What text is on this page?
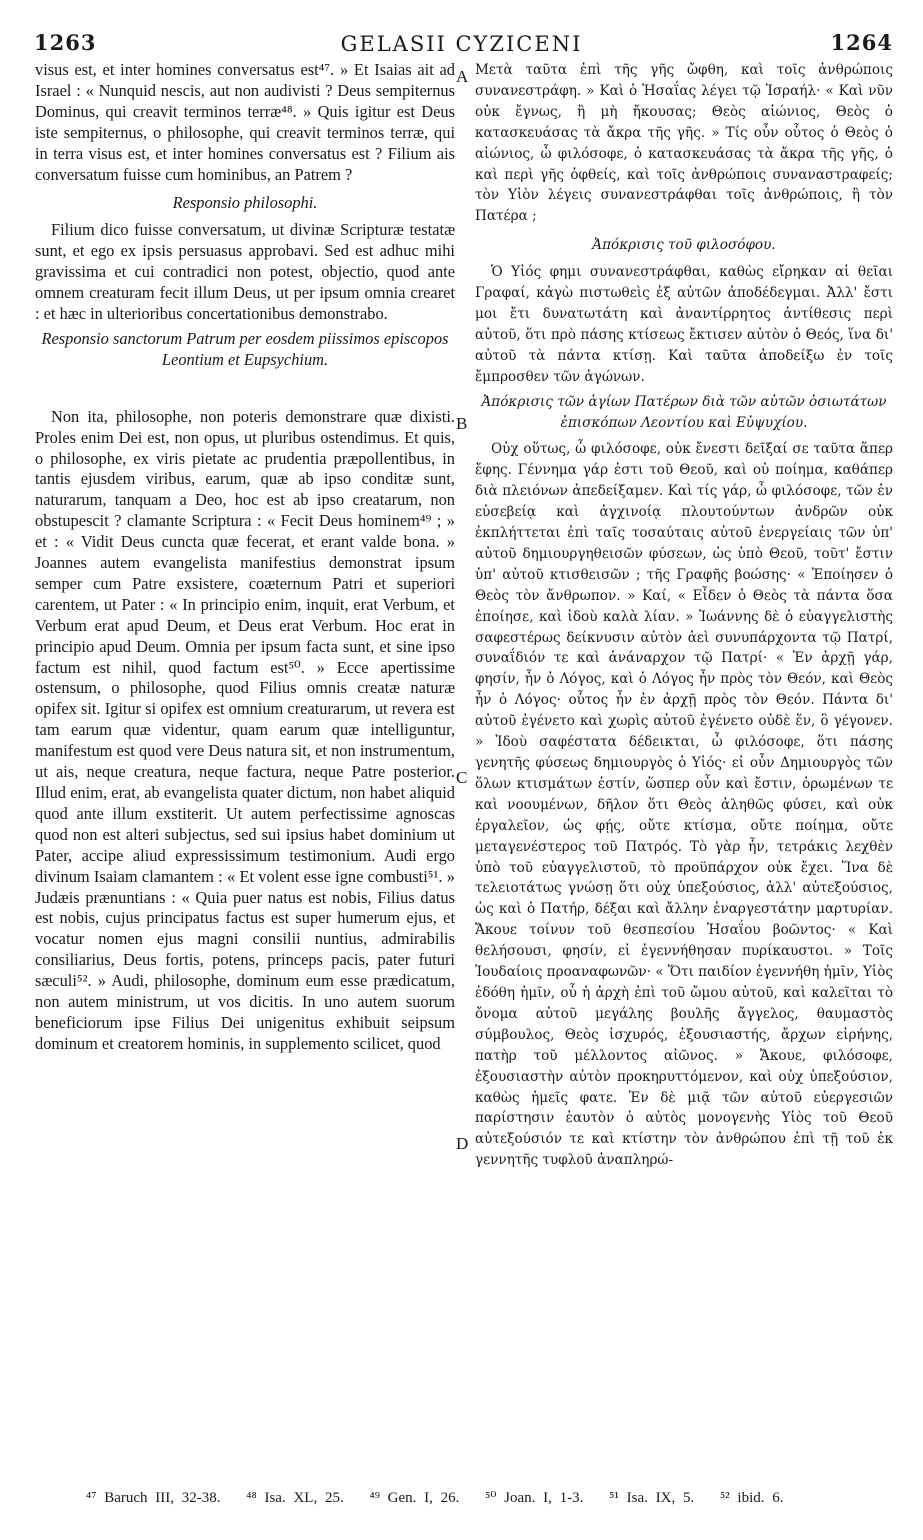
1263	GELASII CYZICENI	1264

visus est, et inter homines conversatus est⁴⁷. » Et Isaias ait ad Israel : « Nunquid nescis, aut non audivisti ? Deus sempiternus Dominus, qui creavit terminos terræ⁴⁸. » Quis igitur est Deus iste sempiternus, o philosophe, qui creavit terminos terræ, qui in terra visus est, et inter homines conversatus est ? Filium ais conversatum fuisse cum hominibus, an Patrem ?

Responsio philosophi.

Filium dico fuisse conversatum, ut divinæ Scripturæ testatæ sunt, et ego ex ipsis persuasus approbavi. Sed est adhuc mihi gravissima et cui contradici non potest, objectio, quod ante omnem creaturam fecit illum Deus, ut per ipsum omnia crearet : et hæc in ulterioribus concertationibus demonstrabo.

Responsio sanctorum Patrum per eosdem piissimos episcopos Leontium et Eupsychium.

Non ita, philosophe, non poteris demonstrare quæ dixisti. Proles enim Dei est, non opus, ut pluribus ostendimus. Et quis, o philosophe, ex viris pietate ac prudentia præpollentibus, in tantis ejusdem viribus, earum, quæ ab ipso conditæ sunt, naturarum, tanquam a Deo, hoc est ab ipso creatarum, non obstupescit ? clamante Scriptura : « Fecit Deus hominem⁴⁹ ; » et : « Vidit Deus cuncta quæ fecerat, et erant valde bona. » Joannes autem evangelista manifestius demonstrat ipsum semper cum Patre exsistere, coæternum Patri et superiori carentem, ut Pater : « In principio enim, inquit, erat Verbum, et Verbum erat apud Deum, et Deus erat Verbum. Hoc erat in principio apud Deum. Omnia per ipsum facta sunt, et sine ipso factum est nihil, quod factum est⁵⁰. » Ecce apertissime ostensum, o philosophe, quod Filius omnis creatæ naturæ opifex sit. Igitur si opifex est omnium creaturarum, ut revera est tam earum quæ videntur, quam earum quæ intelliguntur, manifestum est quod vere Deus natura sit, et non instrumentum, ut ais, neque creatura, neque factura, neque Patre posterior. Illud enim, erat, ab evangelista quater dictum, non habet aliquid quod ante illum exstiterit. Ut autem perfectissime agnoscas quod non est alteri subjectus, sed sui ipsius habet dominium ut Pater, accipe aliud expressissimum testimonium. Audi ergo divinum Isaiam clamantem : « Et volent esse igne combusti⁵¹. » Judæis prænuntians : « Quia puer natus est nobis, Filius datus est nobis, cujus principatus factus est super humerum ejus, et vocatur nomen ejus magni consilii nuntius, admirabilis consiliarius, Deus fortis, potens, princeps pacis, pater futuri sæculi⁵². » Audi, philosophe, dominum eum esse prædicatum, non autem ministrum, ut vos dicitis. In uno autem suorum beneficiorum ipse Filius Dei unigenitus exhibuit seipsum dominum et creatorem hominis, in supplemento scilicet, quod

A
B
C
D

Μετὰ ταῦτα ἐπὶ τῆς γῆς ὤφθη, καὶ τοῖς ἀνθρώποις συνανεστράφη. » Καὶ ὁ Ἡσαΐας λέγει τῷ Ἰσραήλ· « Καὶ νῦν οὐκ ἔγνως, ἢ μὴ ἤκουσας; Θεὸς αἰώνιος, Θεὸς ὁ κατασκευάσας τὰ ἄκρα τῆς γῆς. » Τίς οὖν οὗτος ὁ Θεὸς ὁ αἰώνιος, ὦ φιλόσοφε, ὁ κατασκευάσας τὰ ἄκρα τῆς γῆς, ὁ καὶ περὶ γῆς ὀφθείς, καὶ τοῖς ἀνθρώποις συναναστραφείς; τὸν Υἱὸν λέγεις συνανεστράφθαι τοῖς ἀνθρώποις, ἢ τὸν Πατέρα ;

Ἀπόκρισις τοῦ φιλοσόφου.

Ὁ Υἱός φημι συνανεστράφθαι, καθὼς εἴρηκαν αἱ θεῖαι Γραφαί, κἀγὼ πιστωθεὶς ἐξ αὐτῶν ἀποδέδεγμαι. Ἀλλ' ἔστι μοι ἔτι δυνατωτάτη καὶ ἀναντίρρητος ἀντίθεσις περὶ αὐτοῦ, ὅτι πρὸ πάσης κτίσεως ἔκτισεν αὐτὸν ὁ Θεός, ἵνα δι' αὐτοῦ τὰ πάντα κτίσῃ. Καὶ ταῦτα ἀποδείξω ἐν τοῖς ἔμπροσθεν τῶν ἀγώνων.

Ἀπόκρισις τῶν ἁγίων Πατέρων διὰ τῶν αὐτῶν ὁσιωτάτων ἐπισκόπων Λεοντίου καὶ Εὐψυχίου.

Οὐχ οὕτως, ὦ φιλόσοφε, οὐκ ἔνεστι δεῖξαί σε ταῦτα ἅπερ ἔφης. Γέννημα γάρ ἐστι τοῦ Θεοῦ, καὶ οὐ ποίημα, καθάπερ διὰ πλειόνων ἀπεδείξαμεν. Καὶ τίς γάρ, ὦ φιλόσοφε, τῶν ἐν εὐσεβείᾳ καὶ ἀγχινοίᾳ πλουτούντων ἀνδρῶν οὐκ ἐκπλήττεται ἐπὶ ταῖς τοσαύταις αὐτοῦ ἐνεργείαις τῶν ὑπ' αὐτοῦ δημιουργηθεισῶν φύσεων, ὡς ὑπὸ Θεοῦ, τοῦτ' ἔστιν ὑπ' αὐτοῦ κτισθεισῶν ; τῆς Γραφῆς βοώσης· « Ἐποίησεν ὁ Θεὸς τὸν ἄνθρωπον. » Καί, « Εἶδεν ὁ Θεὸς τὰ πάντα ὅσα ἐποίησε, καὶ ἰδοὺ καλὰ λίαν. » Ἰωάννης δὲ ὁ εὐαγγελιστὴς σαφεστέρως δείκνυσιν αὐτὸν ἀεὶ συνυπάρχοντα τῷ Πατρί, συναΐδιόν τε καὶ ἀνάναρχον τῷ Πατρί· « Ἐν ἀρχῇ γάρ, φησίν, ἦν ὁ Λόγος, καὶ ὁ Λόγος ἦν πρὸς τὸν Θεόν, καὶ Θεὸς ἦν ὁ Λόγος· οὗτος ἦν ἐν ἀρχῇ πρὸς τὸν Θεόν. Πάντα δι' αὐτοῦ ἐγένετο καὶ χωρὶς αὐτοῦ ἐγένετο οὐδὲ ἕν, ὃ γέγονεν. » Ἰδοὺ σαφέστατα δέδεικται, ὦ φιλόσοφε, ὅτι πάσης γενητῆς φύσεως δημιουργὸς ὁ Υἱός· εἰ οὖν Δημιουργὸς τῶν ὅλων κτισμάτων ἐστίν, ὥσπερ οὖν καὶ ἔστιν, ὁρωμένων τε καὶ νοουμένων, δῆλον ὅτι Θεὸς ἀληθῶς φύσει, καὶ οὐκ ἐργαλεῖον, ὡς φῄς, οὔτε κτίσμα, οὔτε ποίημα, οὔτε μεταγενέστερος τοῦ Πατρός. Τὸ γὰρ ἦν, τετράκις λεχθὲν ὑπὸ τοῦ εὐαγγελιστοῦ, τὸ προϋπάρχον οὐκ ἔχει. Ἵνα δὲ τελειοτάτως γνώσῃ ὅτι οὐχ ὑπεξούσιος, ἀλλ' αὐτεξούσιος, ὡς καὶ ὁ Πατήρ, δέξαι καὶ ἄλλην ἐναργεστάτην μαρτυρίαν. Ἄκουε τοίνυν τοῦ θεσπεσίου Ἡσαΐου βοῶντος· « Καὶ θελήσουσι, φησίν, εἰ ἐγεννήθησαν πυρίκαυστοι. » Τοῖς Ἰουδαίοις προαναφωνῶν· « Ὅτι παιδίον ἐγεννήθη ἡμῖν, Υἱὸς ἐδόθη ἡμῖν, οὗ ἡ ἀρχὴ ἐπὶ τοῦ ὤμου αὐτοῦ, καὶ καλεῖται τὸ ὄνομα αὐτοῦ μεγάλης βουλῆς ἄγγελος, θαυμαστὸς σύμβουλος, Θεὸς ἰσχυρός, ἐξουσιαστής, ἄρχων εἰρήνης, πατὴρ τοῦ μέλλοντος αἰῶνος. » Ἄκουε, φιλόσοφε, ἐξουσιαστὴν αὐτὸν προκηρυττόμενον, καὶ οὐχ ὑπεξούσιον, καθὼς ἡμεῖς φατε. Ἐν δὲ μιᾷ τῶν αὐτοῦ εὐεργεσιῶν παρίστησιν ἑαυτὸν ὁ αὐτὸς μονογενὴς Υἱὸς τοῦ Θεοῦ αὐτεξούσιόν τε καὶ κτίστην τὸν ἀνθρώπου ἐπὶ τῇ τοῦ ἐκ γεννητῆς τυφλοῦ ἀναπληρώ-

⁴⁷ Baruch III, 32-38. ⁴⁸ Isa. XL, 25. ⁴⁹ Gen. I, 26. ⁵⁰ Joan. I, 1-3. ⁵¹ Isa. IX, 5. ⁵² ibid. 6.
